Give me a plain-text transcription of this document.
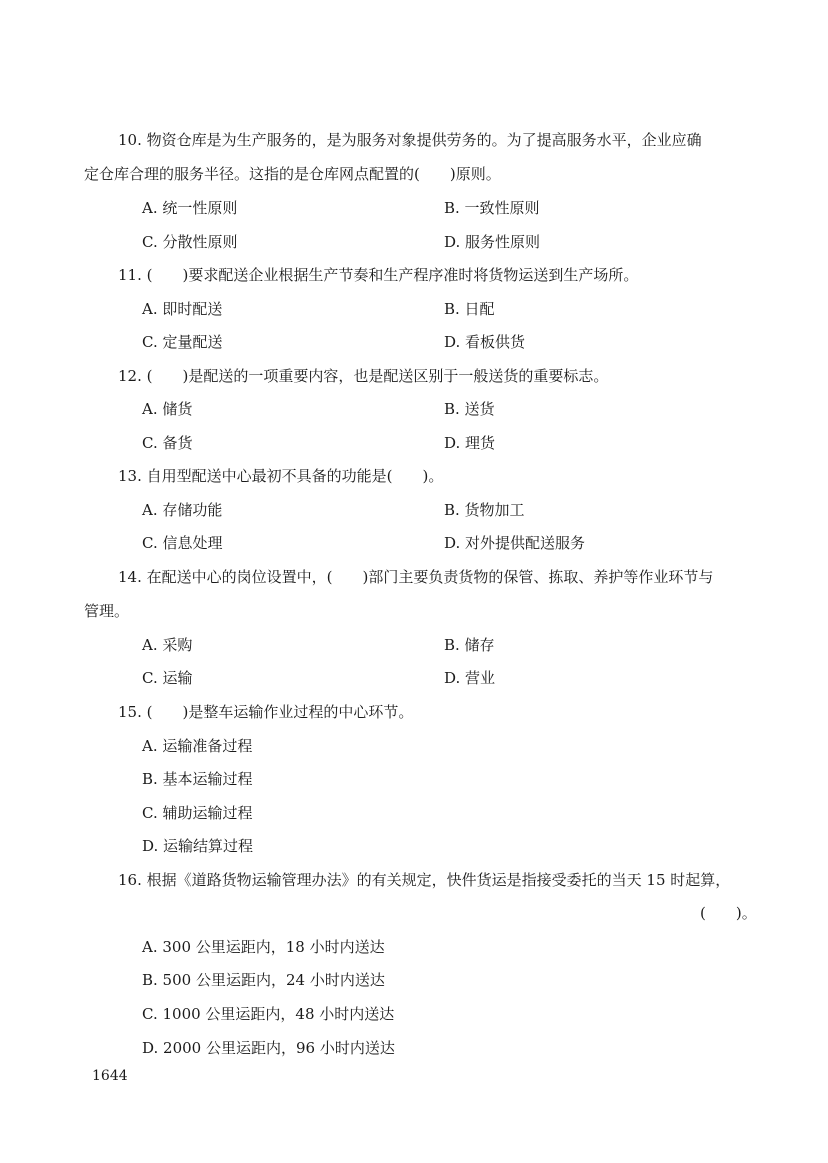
10. 物资仓库是为生产服务的，是为服务对象提供劳务的。为了提高服务水平，企业应确
定仓库合理的服务半径。这指的是仓库网点配置的(　　)原则。
A. 统一性原则	B. 一致性原则
C. 分散性原则	D. 服务性原则
11. (　　)要求配送企业根据生产节奏和生产程序准时将货物运送到生产场所。
A. 即时配送	B. 日配
C. 定量配送	D. 看板供货
12. (　　)是配送的一项重要内容，也是配送区别于一般送货的重要标志。
A. 储货	B. 送货
C. 备货	D. 理货
13. 自用型配送中心最初不具备的功能是(　　)。
A. 存储功能	B. 货物加工
C. 信息处理	D. 对外提供配送服务
14. 在配送中心的岗位设置中，(　　)部门主要负责货物的保管、拣取、养护等作业环节与
管理。
A. 采购	B. 储存
C. 运输	D. 营业
15. (　　)是整车运输作业过程的中心环节。
A. 运输准备过程
B. 基本运输过程
C. 辅助运输过程
D. 运输结算过程
16. 根据《道路货物运输管理办法》的有关规定，快件货运是指接受委托的当天 15 时起算，
(　　)。
A. 300 公里运距内，18 小时内送达
B. 500 公里运距内，24 小时内送达
C. 1000 公里运距内，48 小时内送达
D. 2000 公里运距内，96 小时内送达
1644
